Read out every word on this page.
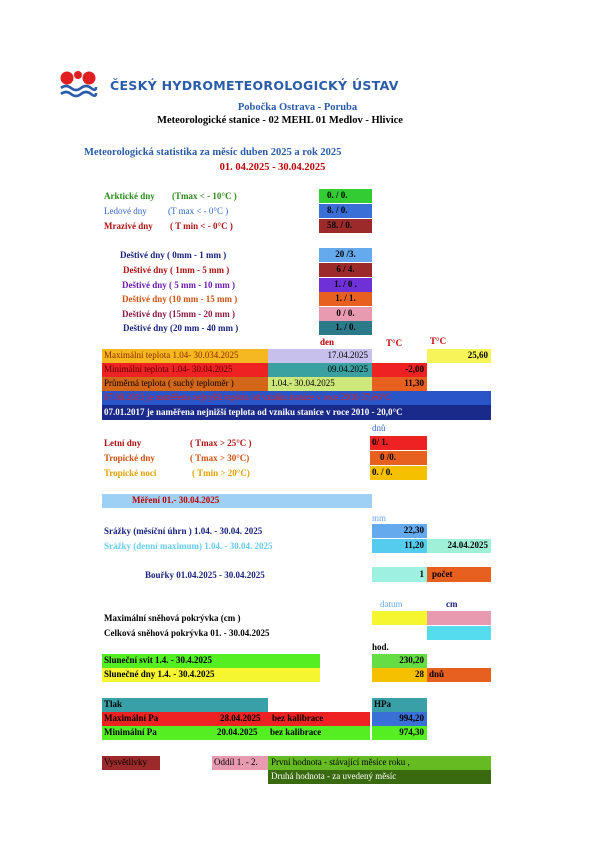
ČESKÝ HYDROMETEOROLOGICKÝ ÚSTAV
Pobočka Ostrava - Poruba
Meteorologické stanice - 02 MEHL 01 Medlov - Hlivice
Meteorologická statistika za měsíc duben 2025 a rok 2025
01. 04.2025 - 30.04.2025
Arktické dny	(Tmax < - 10°C )	0. / 0.
Ledové dny	(T max < - 0°C )	8. / 0.
Mrazivé dny	( T min < - 0°C )	58. / 0.
Deštivé dny ( 0mm - 1 mm )	20 /3.
Deštivé dny ( 1mm - 5 mm )	6 / 4.
Deštivé dny ( 5 mm - 10 mm )	1. / 0 .
Deštivé dny (10 mm - 15 mm )	1. / 1.
Deštivé dny (15mm - 20 mm )	0 / 0.
Deštivé dny (20 mm - 40 mm )	1. / 0.
den	T°C	T°C
Maximální teplota 1.04- 30.034.2025	17.04.2025	25,60
Minimální teplota 1.04- 30.04.2025	09.04.2025	-2,00
Průměrná teplota ( suchý teploměr )	1.04.- 30.04.2025	11,30
07.08.2013 je naměřena nejvyšší teplota od vzniku stanice v roce 2010 37,60°C
07.01.2017 je naměřena nejnižší teplota od vzniku stanice v roce 2010 - 20,0°C
dnů
Letní dny	( Tmax > 25°C )	0/ 1.
Tropické dny	( Tmax > 30°C)	0 /0.
Tropické noci	( Tmin > 20°C)	0. / 0.
Měření 01.- 30.04.2025
mm
Srážky (měsíční úhrn ) 1.04. - 30.04. 2025	22,30
Srážky (denní maximum) 1.04. - 30.04. 2025	11,20	24.04.2025
Bouřky 01.04.2025 - 30.04.2025	1 počet
datum	cm
Maximální sněhová pokrývka (cm )
Celková sněhová pokrývka 01. - 30.04.2025
hod.
Sluneční svit 1.4. - 30.4.2025	230,20
Slunečné dny 1.4. - 30.4.2025	28 dnů
Tlak	HPa
Maximální Pa	28.04.2025	bez kalibrace	994,20
Minimální Pa	20.04.2025	bez kalibrace	974,30
Vysvětlivky	Oddíl 1. - 2.	První hodnota - stávající měsíce roku ,
Druhá hodnota - za uvedený měsíc
